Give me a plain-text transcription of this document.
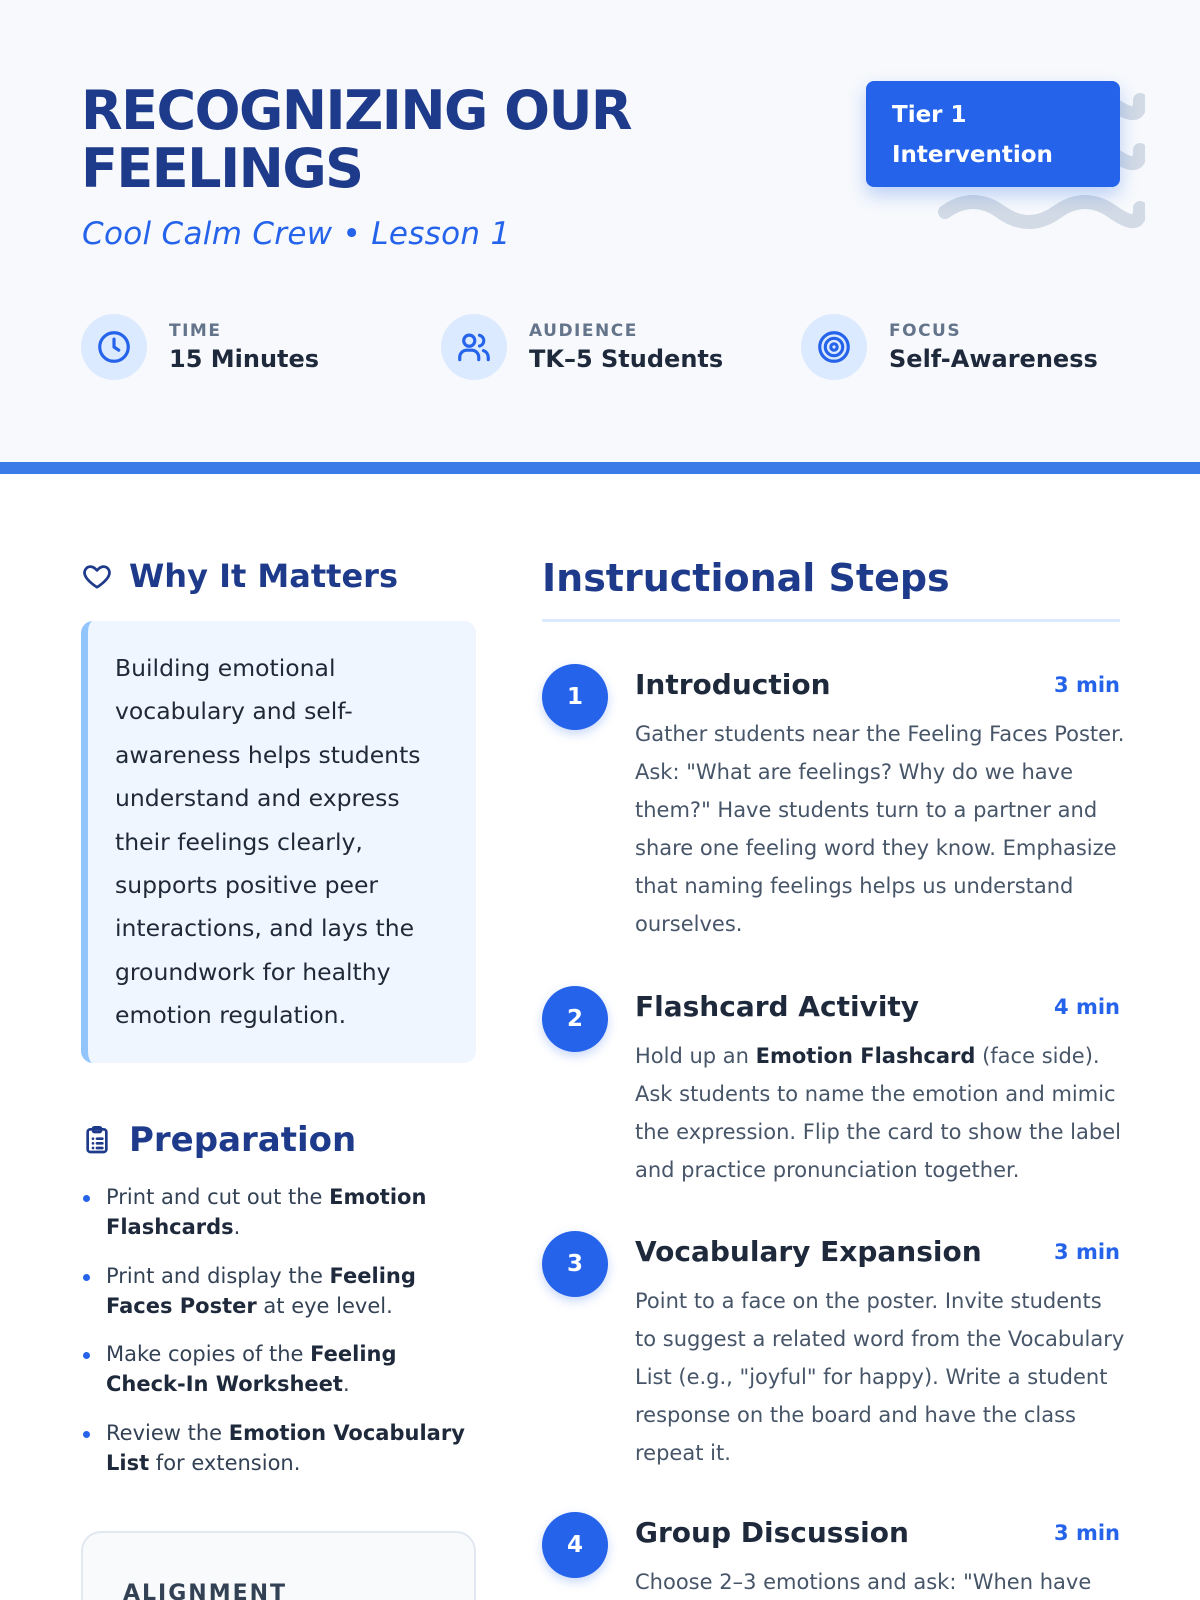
RECOGNIZING OUR FEELINGS
Cool Calm Crew • Lesson 1
Tier 1
Intervention
TIME
15 Minutes
AUDIENCE
TK–5 Students
FOCUS
Self-Awareness
Why It Matters

Building emotional vocabulary and self-awareness helps students understand and express their feelings clearly, supports positive peer interactions, and lays the groundwork for healthy emotion regulation.

Preparation
Print and cut out the Emotion Flashcards.
Print and display the Feeling Faces Poster at eye level.
Make copies of the Feeling Check-In Worksheet.
Review the Emotion Vocabulary List for extension.
ALIGNMENT
Instructional Steps
1	Introduction	3 min
Gather students near the Feeling Faces Poster. Ask: "What are feelings? Why do we have them?" Have students turn to a partner and share one feeling word they know. Emphasize that naming feelings helps us understand ourselves.
2	Flashcard Activity	4 min
Hold up an Emotion Flashcard (face side). Ask students to name the emotion and mimic the expression. Flip the card to show the label and practice pronunciation together.
3	Vocabulary Expansion	3 min
Point to a face on the poster. Invite students to suggest a related word from the Vocabulary List (e.g., "joyful" for happy). Write a student response on the board and have the class repeat it.
4	Group Discussion	3 min
Choose 2–3 emotions and ask: "When have
